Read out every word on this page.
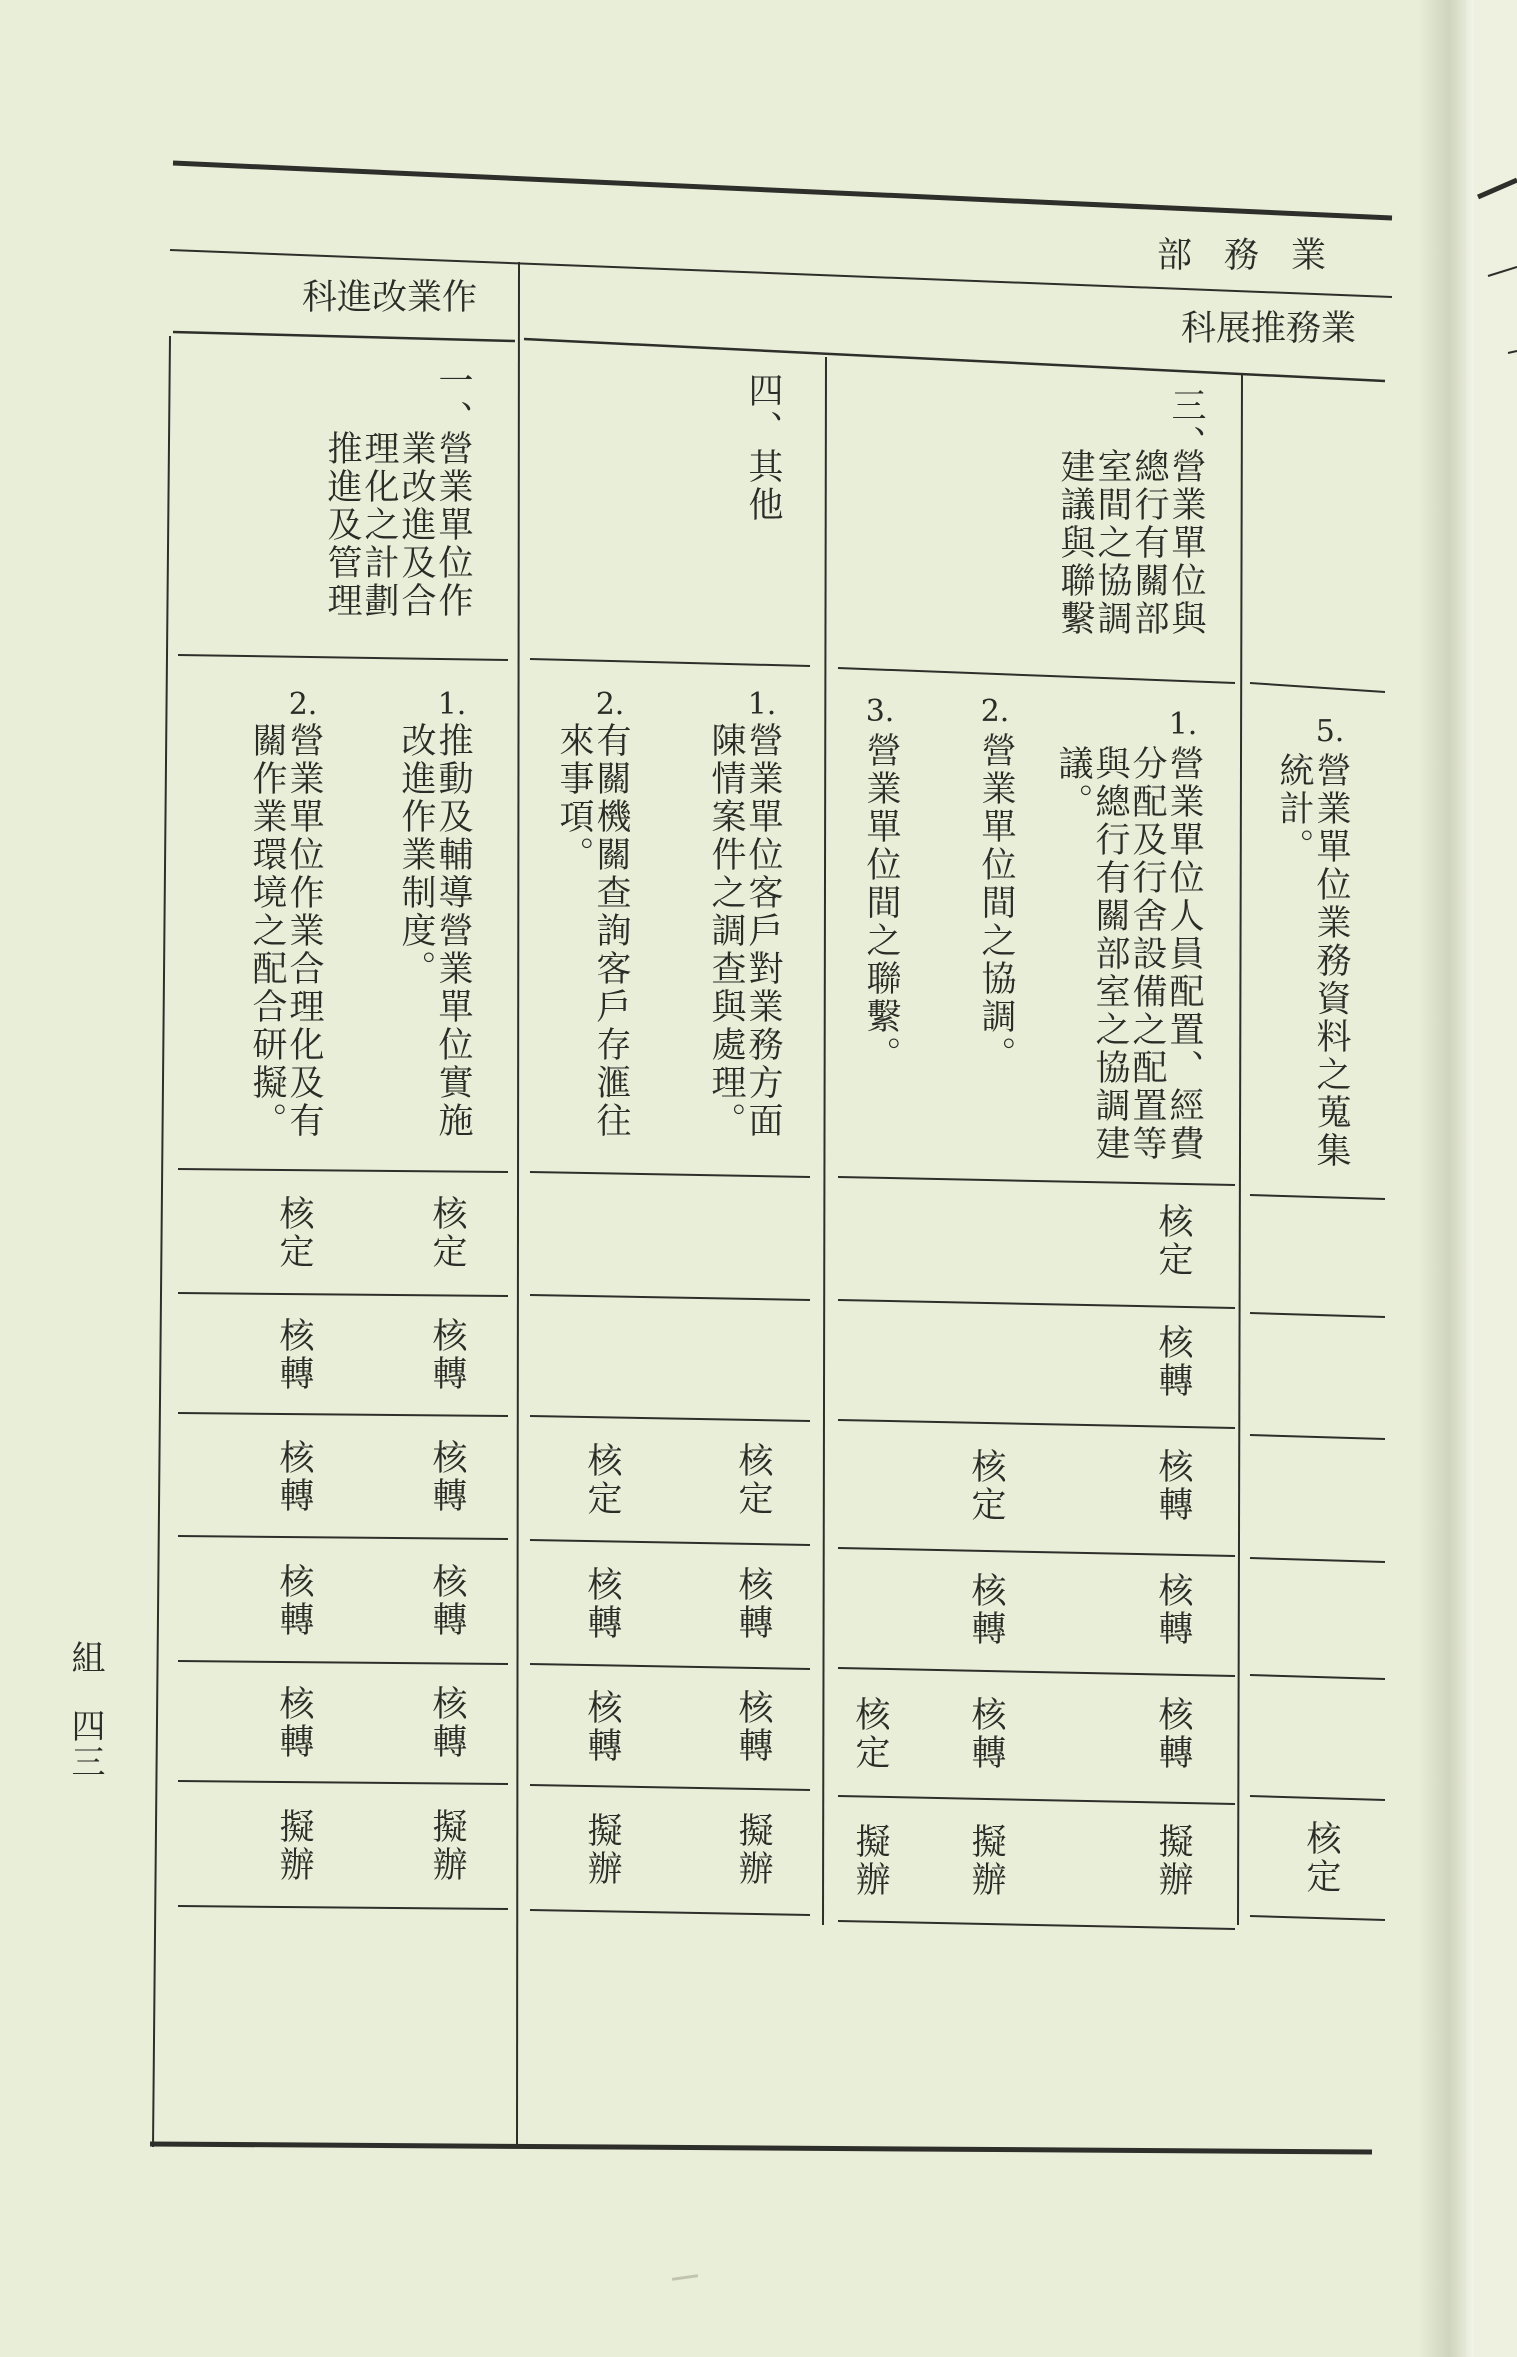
業務部
業務推展科
作業改進科
三、
營業單位與總行有關部室間之協調建議與聯繫
四、其他
一、
營業單位作業改進及合理化之計劃推進及管理
5.
營業單位業務資料之蒐集統計。
1.
營業單位人員配置、經費分配及行舍設備之配置等與總行有關部室之協調建議。
2.
營業單位間之協調。
3.
營業單位間之聯繫。
1.
營業單位客戶對業務方面陳情案件之調查與處理。
2.
有關機關查詢客戶存滙往來事項。
1.
推動及輔導營業單位實施改進作業制度。
2.
營業單位作業合理化及有關作業環境之配合研擬。
核定
核轉
核轉
核轉
核轉
擬辦
核定
核轉
核轉
核轉
核轉
擬辦
核定
核轉
核轉
擬辦
核定
核轉
核轉
擬辦
核定
擬辦
核定
核轉
核轉
擬辦
核定
核轉
核轉
核轉
核轉
擬辦	核定
組
四三
